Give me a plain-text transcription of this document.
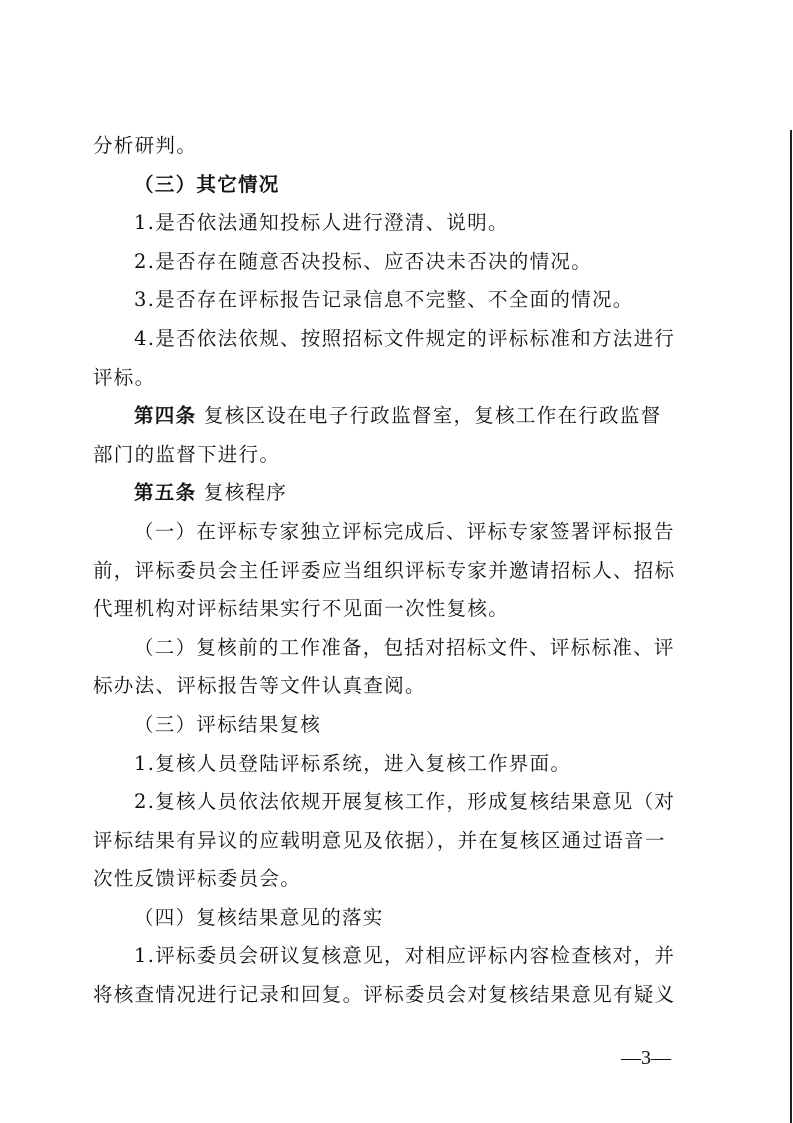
分析研判。
（三）其它情况
1.是否依法通知投标人进行澄清、说明。
2.是否存在随意否决投标、应否决未否决的情况。
3.是否存在评标报告记录信息不完整、不全面的情况。
4.是否依法依规、按照招标文件规定的评标标准和方法进行
评标。
第四条 复核区设在电子行政监督室，复核工作在行政监督
部门的监督下进行。
第五条 复核程序
（一）在评标专家独立评标完成后、评标专家签署评标报告
前，评标委员会主任评委应当组织评标专家并邀请招标人、招标
代理机构对评标结果实行不见面一次性复核。
（二）复核前的工作准备，包括对招标文件、评标标准、评
标办法、评标报告等文件认真查阅。
（三）评标结果复核
1.复核人员登陆评标系统，进入复核工作界面。
2.复核人员依法依规开展复核工作，形成复核结果意见（对
评标结果有异议的应载明意见及依据），并在复核区通过语音一
次性反馈评标委员会。
（四）复核结果意见的落实
1.评标委员会研议复核意见，对相应评标内容检查核对，并
将核查情况进行记录和回复。评标委员会对复核结果意见有疑义
—3—
